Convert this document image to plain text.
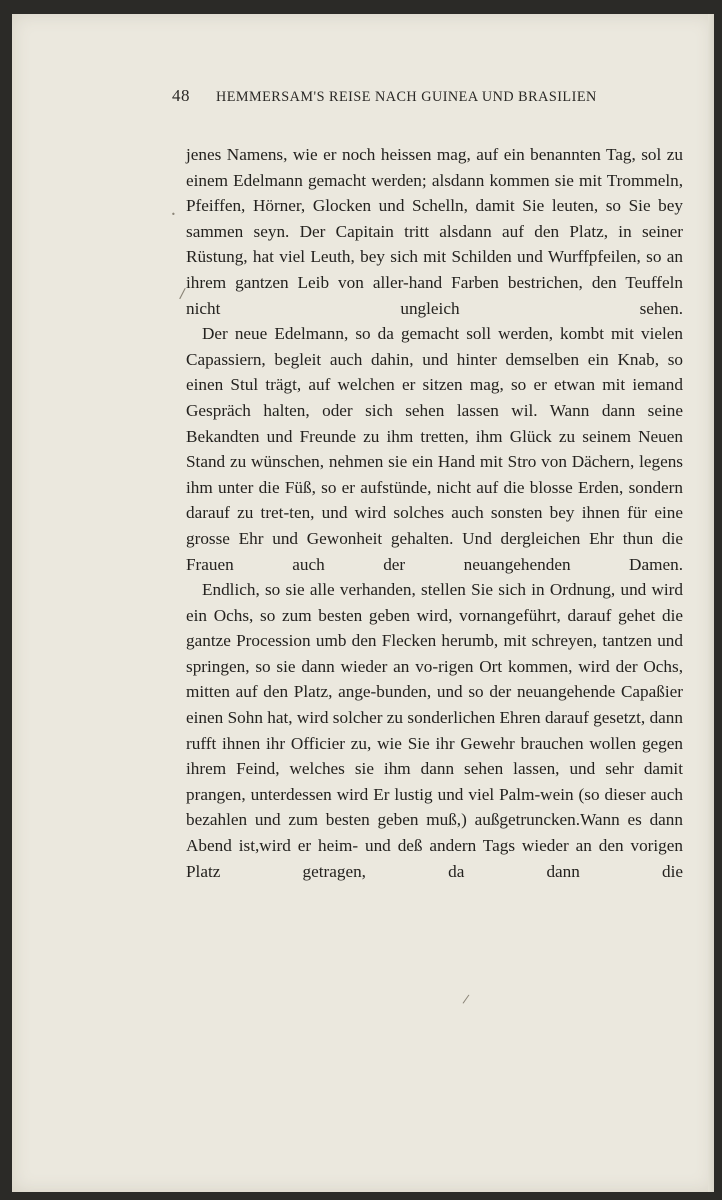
48 HEMMERSAM'S REISE NACH GUINEA UND BRASILIEN

jenes Namens, wie er noch heissen mag, auf ein benannten Tag, sol zu einem Edelmann gemacht werden; alsdann kommen sie mit Trommeln, Pfeiffen, Hörner, Glocken und Schelln, damit Sie leuten, so Sie bey sammen seyn. Der Capitain tritt alsdann auf den Platz, in seiner Rüstung, hat viel Leuth, bey sich mit Schilden und Wurffpfeilen, so an ihrem gantzen Leib von aller-hand Farben bestrichen, den Teuffeln nicht ungleich sehen.

Der neue Edelmann, so da gemacht soll werden, kombt mit vielen Capassiern, begleit auch dahin, und hinter demselben ein Knab, so einen Stul trägt, auf welchen er sitzen mag, so er etwan mit iemand Gespräch halten, oder sich sehen lassen wil. Wann dann seine Bekandten und Freunde zu ihm tretten, ihm Glück zu seinem Neuen Stand zu wünschen, nehmen sie ein Hand mit Stro von Dächern, legens ihm unter die Füß, so er aufstünde, nicht auf die blosse Erden, sondern darauf zu tret-ten, und wird solches auch sonsten bey ihnen für eine grosse Ehr und Gewonheit gehalten. Und dergleichen Ehr thun die Frauen auch der neuangehenden Damen.

Endlich, so sie alle verhanden, stellen Sie sich in Ordnung, und wird ein Ochs, so zum besten geben wird, vornangeführt, darauf gehet die gantze Procession umb den Flecken herumb, mit schreyen, tantzen und springen, so sie dann wieder an vo-rigen Ort kommen, wird der Ochs, mitten auf den Platz, ange-bunden, und so der neuangehende Capaßier einen Sohn hat, wird solcher zu sonderlichen Ehren darauf gesetzt, dann rufft ihnen ihr Officier zu, wie Sie ihr Gewehr brauchen wollen gegen ihrem Feind, welches sie ihm dann sehen lassen, und sehr damit prangen, unterdessen wird Er lustig und viel Palm-wein (so dieser auch bezahlen und zum besten geben muß,) außgetruncken.Wann es dann Abend ist,wird er heim- und deß andern Tags wieder an den vorigen Platz getragen, da dann die

•
/
/
